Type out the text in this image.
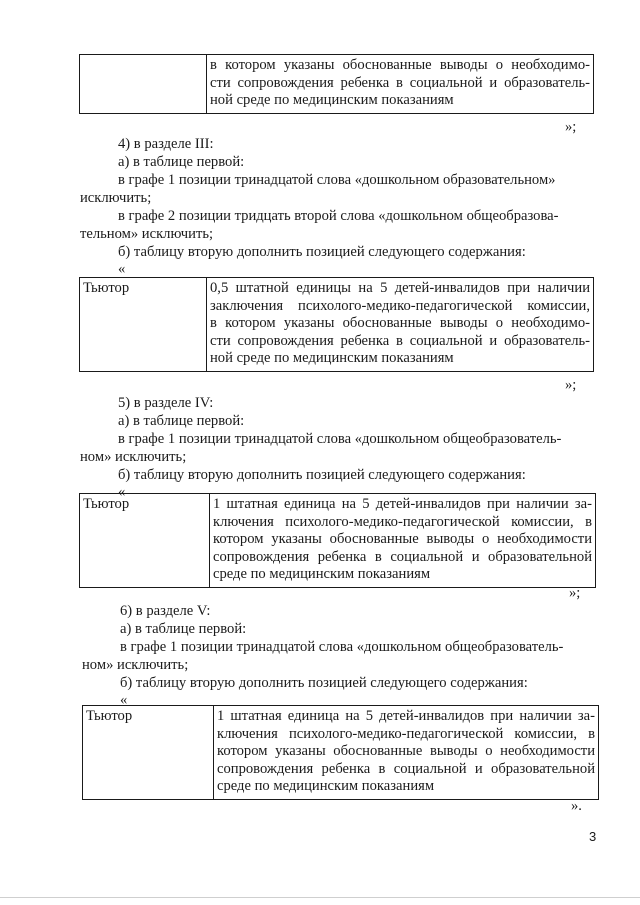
в котором указаны обоснованные выводы о необходимо-
сти сопровождения ребенка в социальной и образователь-
ной среде по медицинским показаниям
»;
4) в разделе III:
а) в таблице первой:
в графе 1 позиции тринадцатой слова «дошкольном образовательном»
исключить;
в графе 2 позиции тридцать второй слова «дошкольном общеобразова-
тельном» исключить;
б) таблицу вторую дополнить позицией следующего содержания:
«
Тьютор	0,5 штатной единицы на 5 детей-инвалидов при наличии
заключения психолого-медико-педагогической комиссии,
в котором указаны обоснованные выводы о необходимо-
сти сопровождения ребенка в социальной и образователь-
ной среде по медицинским показаниям
»;
5) в разделе IV:
а) в таблице первой:
в графе 1 позиции тринадцатой слова «дошкольном общеобразователь-
ном» исключить;
б) таблицу вторую дополнить позицией следующего содержания:
«
Тьютор	1 штатная единица на 5 детей-инвалидов при наличии за-
ключения психолого-медико-педагогической комиссии, в
котором указаны обоснованные выводы о необходимости
сопровождения ребенка в социальной и образовательной
среде по медицинским показаниям
»;
6) в разделе V:
а) в таблице первой:
в графе 1 позиции тринадцатой слова «дошкольном общеобразователь-
ном» исключить;
б) таблицу вторую дополнить позицией следующего содержания:
«
Тьютор	1 штатная единица на 5 детей-инвалидов при наличии за-
ключения психолого-медико-педагогической комиссии, в
котором указаны обоснованные выводы о необходимости
сопровождения ребенка в социальной и образовательной
среде по медицинским показаниям
».
3
